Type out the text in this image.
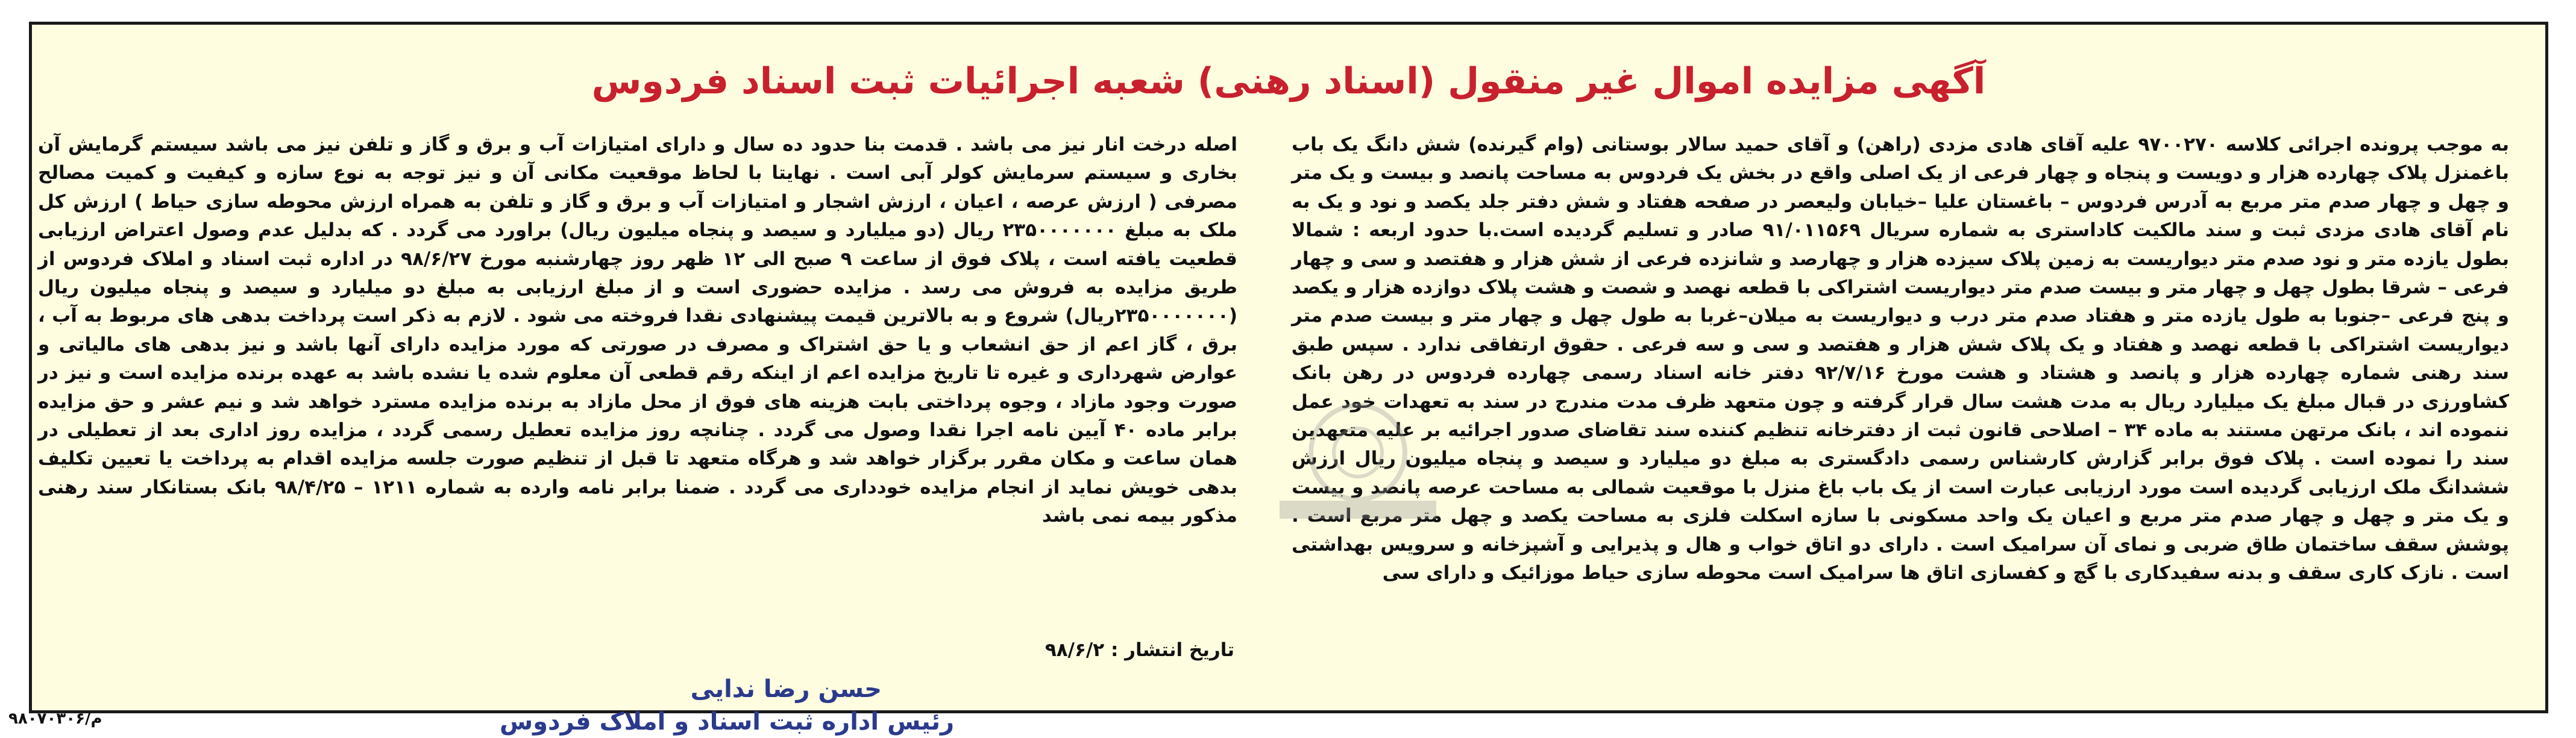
آگهی مزایده اموال غیر منقول (اسناد رهنی) شعبه اجرائیات ثبت اسناد فردوس

به موجب پرونده اجرائی کلاسه ۹۷۰۰۲۷۰ علیه آقای هادی مزدی (راهن) و آقای حمید سالار بوستانی (وام گیرنده) شش دانگ یک باب باغمنزل پلاک چهارده هزار و دویست و پنجاه و چهار فرعی از یک اصلی واقع در بخش یک فردوس به مساحت پانصد و بیست و یک متر و چهل و چهار صدم متر مربع به آدرس فردوس – باغستان علیا –خیابان ولیعصر در صفحه هفتاد و شش دفتر جلد یکصد و نود و یک به نام آقای هادی مزدی ثبت و سند مالکیت کاداستری به شماره سریال ۹۱/۰۱۱۵۶۹ صادر و تسلیم گردیده است.با حدود اربعه : شمالا بطول یازده متر و نود صدم متر دیواریست به زمین پلاک سیزده هزار و چهارصد و شانزده فرعی از شش هزار و هفتصد و سی و چهار فرعی – شرقا بطول چهل و چهار متر و بیست صدم متر دیواریست اشتراکی با قطعه نهصد و شصت و هشت پلاک دوازده هزار و یکصد و پنج فرعی –جنوبا به طول یازده متر و هفتاد صدم متر درب و دیواریست به میلان–غربا به طول چهل و چهار متر و بیست صدم متر دیواریست اشتراکی با قطعه نهصد و هفتاد و یک پلاک شش هزار و هفتصد و سی و سه فرعی . حقوق ارتفاقی ندارد . سپس طبق سند رهنی شماره چهارده هزار و پانصد و هشتاد و هشت مورخ ۹۲/۷/۱۶ دفتر خانه اسناد رسمی چهارده فردوس در رهن بانک کشاورزی در قبال مبلغ یک میلیارد ریال به مدت هشت سال قرار گرفته و چون متعهد ظرف مدت مندرج در سند به تعهدات خود عمل ننموده اند ، بانک مرتهن مستند به ماده ۳۴ – اصلاحی قانون ثبت از دفترخانه تنظیم کننده سند تقاضای صدور اجرائیه بر علیه متعهدین سند را نموده است . پلاک فوق برابر گزارش کارشناس رسمی دادگستری به مبلغ دو میلیارد و سیصد و پنجاه میلیون ریال ارزش ششدانگ ملک ارزیابی گردیده است مورد ارزیابی عبارت است از یک باب باغ منزل با موقعیت شمالی به مساحت عرصه پانصد و بیست و یک متر و چهل و چهار صدم متر مربع و اعیان یک واحد مسکونی با سازه اسکلت فلزی به مساحت یکصد و چهل متر مربع است . پوشش سقف ساختمان طاق ضربی و نمای آن سرامیک است . دارای دو اتاق خواب و هال و پذیرایی و آشپزخانه و سرویس بهداشتی است . نازک کاری سقف و بدنه سفیدکاری با گچ و کفسازی اتاق ها سرامیک است محوطه سازی حیاط موزائیک و دارای سی

اصله درخت انار نیز می باشد . قدمت بنا حدود ده سال و دارای امتیازات آب و برق و گاز و تلفن نیز می باشد سیستم گرمایش آن بخاری و سیستم سرمایش کولر آبی است . نهایتا با لحاظ موقعیت مکانی آن و نیز توجه به نوع سازه و کیفیت و کمیت مصالح مصرفی ( ارزش عرصه ، اعیان ، ارزش اشجار و امتیازات آب و برق و گاز و تلفن به همراه ارزش محوطه سازی حیاط ) ارزش کل ملک به مبلغ ۲۳۵۰۰۰۰۰۰۰ ریال (دو میلیارد و سیصد و پنجاه میلیون ریال) براورد می گردد . که بدلیل عدم وصول اعتراض ارزیابی قطعیت یافته است ، پلاک فوق از ساعت ۹ صبح الی ۱۲ ظهر روز چهارشنبه مورخ ۹۸/۶/۲۷ در اداره ثبت اسناد و املاک فردوس از طریق مزایده به فروش می رسد . مزایده حضوری است و از مبلغ ارزیابی به مبلغ دو میلیارد و سیصد و پنجاه میلیون ریال (۲۳۵۰۰۰۰۰۰۰ریال) شروع و به بالاترین قیمت پیشنهادی نقدا فروخته می شود . لازم به ذکر است پرداخت بدهی های مربوط به آب ، برق ، گاز اعم از حق انشعاب و یا حق اشتراک و مصرف در صورتی که مورد مزایده دارای آنها باشد و نیز بدهی های مالیاتی و عوارض شهرداری و غیره تا تاریخ مزایده اعم از اینکه رقم قطعی آن معلوم شده یا نشده باشد به عهده برنده مزایده است و نیز در صورت وجود مازاد ، وجوه پرداختی بابت هزینه های فوق از محل مازاد به برنده مزایده مسترد خواهد شد و نیم عشر و حق مزایده برابر ماده ۴۰ آیین نامه اجرا نقدا وصول می گردد . چنانچه روز مزایده تعطیل رسمی گردد ، مزایده روز اداری بعد از تعطیلی در همان ساعت و مکان مقرر برگزار خواهد شد و هرگاه متعهد تا قبل از تنظیم صورت جلسه مزایده اقدام به پرداخت یا تعیین تکلیف بدهی خویش نماید از انجام مزایده خودداری می گردد . ضمنا برابر نامه وارده به شماره ۱۲۱۱ – ۹۸/۴/۲۵ بانک بستانکار سند رهنی مذکور بیمه نمی باشد

تاریخ انتشار : ۹۸/۶/۲
حسن رضا ندایی
رئیس اداره ثبت اسناد و املاک فردوس
م/۹۸۰۷۰۳۰۶
